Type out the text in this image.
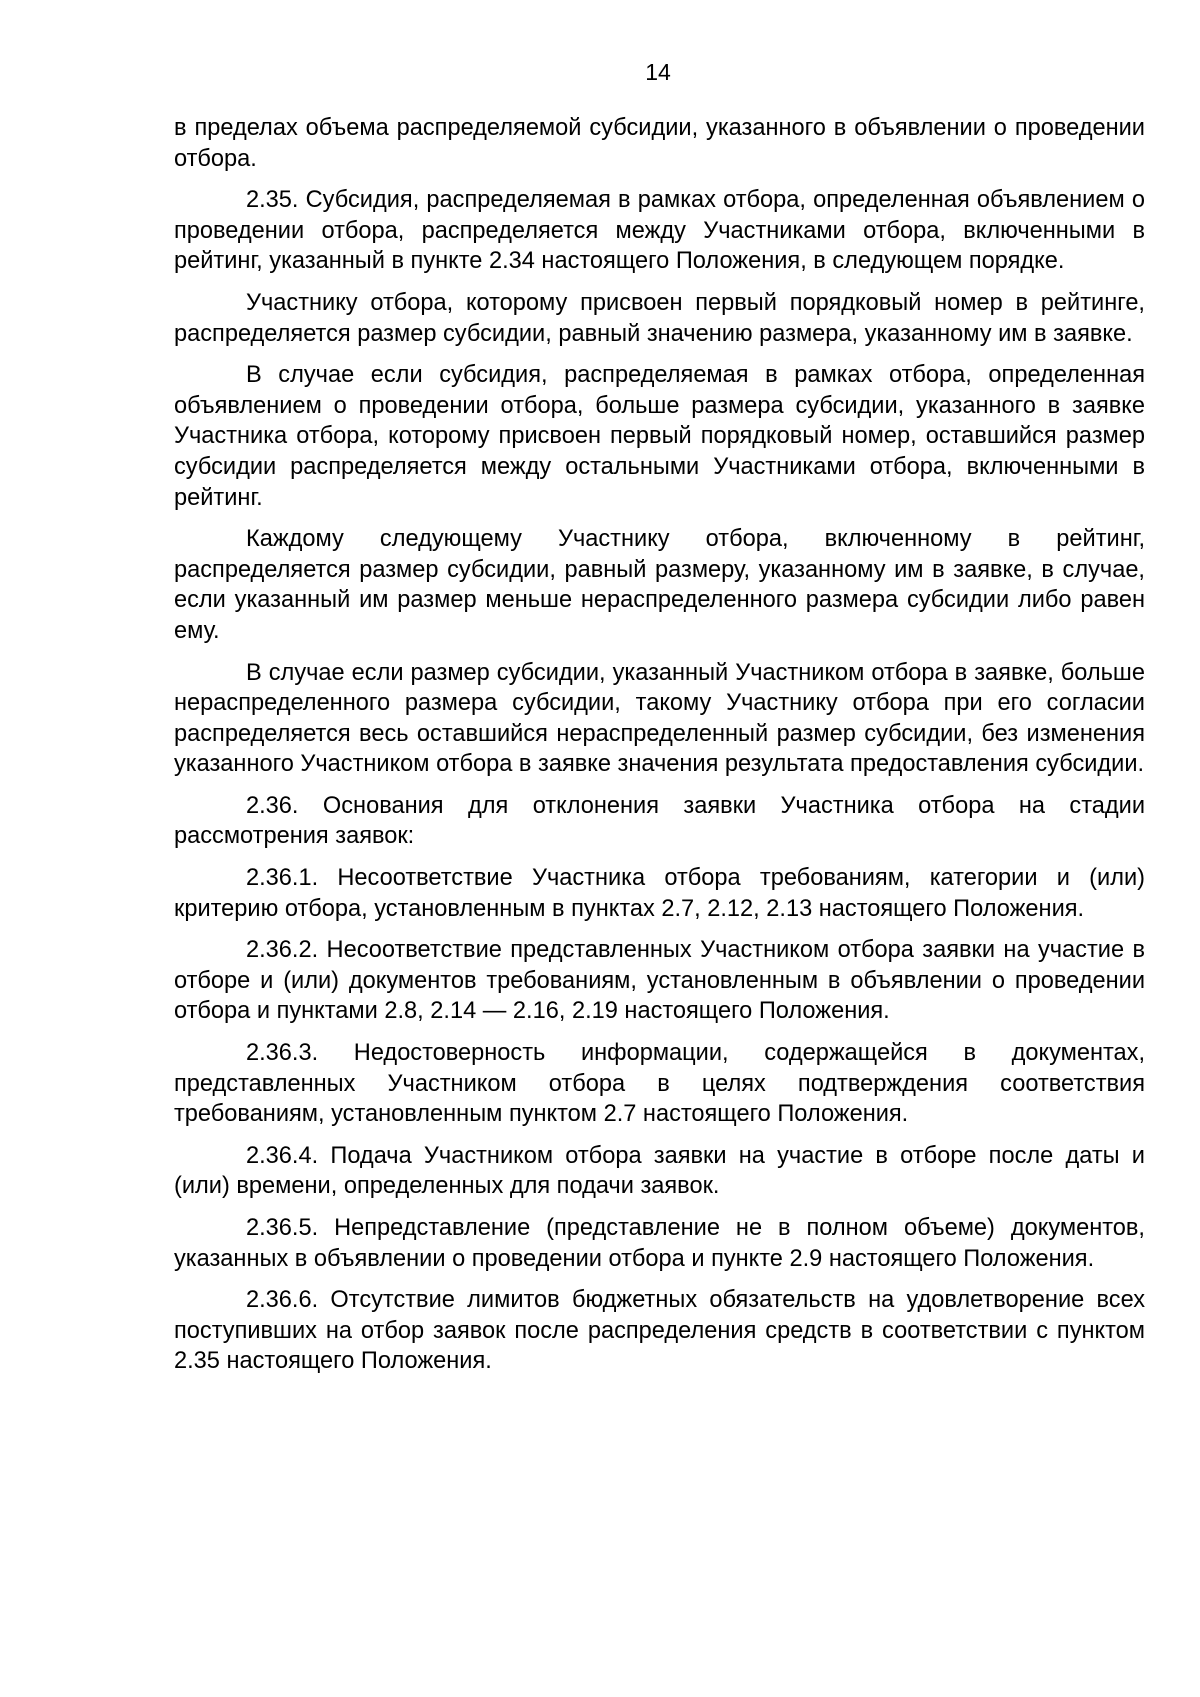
14

в пределах объема распределяемой субсидии, указанного в объявлении о проведении отбора.

2.35. Субсидия, распределяемая в рамках отбора, определенная объявлением о проведении отбора, распределяется между Участниками отбора, включенными в рейтинг, указанный в пункте 2.34 настоящего Положения, в следующем порядке.

Участнику отбора, которому присвоен первый порядковый номер в рейтинге, распределяется размер субсидии, равный значению размера, указанному им в заявке.

В случае если субсидия, распределяемая в рамках отбора, определенная объявлением о проведении отбора, больше размера субсидии, указанного в заявке Участника отбора, которому присвоен первый порядковый номер, оставшийся размер субсидии распределяется между остальными Участниками отбора, включенными в рейтинг.

Каждому следующему Участнику отбора, включенному в рейтинг, распределяется размер субсидии, равный размеру, указанному им в заявке, в случае, если указанный им размер меньше нераспределенного размера субсидии либо равен ему.

В случае если размер субсидии, указанный Участником отбора в заявке, больше нераспределенного размера субсидии, такому Участнику отбора при его согласии распределяется весь оставшийся нераспределенный размер субсидии, без изменения указанного Участником отбора в заявке значения результата предоставления субсидии.

2.36. Основания для отклонения заявки Участника отбора на стадии рассмотрения заявок:

2.36.1. Несоответствие Участника отбора требованиям, категории и (или) критерию отбора, установленным в пунктах 2.7, 2.12, 2.13 настоящего Положения.

2.36.2. Несоответствие представленных Участником отбора заявки на участие в отборе и (или) документов требованиям, установленным в объявлении о проведении отбора и пунктами 2.8, 2.14 — 2.16, 2.19 настоящего Положения.

2.36.3. Недостоверность информации, содержащейся в документах, представленных Участником отбора в целях подтверждения соответствия требованиям, установленным пунктом 2.7 настоящего Положения.

2.36.4. Подача Участником отбора заявки на участие в отборе после даты и (или) времени, определенных для подачи заявок.

2.36.5. Непредставление (представление не в полном объеме) документов, указанных в объявлении о проведении отбора и пункте 2.9 настоящего Положения.

2.36.6. Отсутствие лимитов бюджетных обязательств на удовлетворение всех поступивших на отбор заявок после распределения средств в соответствии с пунктом 2.35 настоящего Положения.
